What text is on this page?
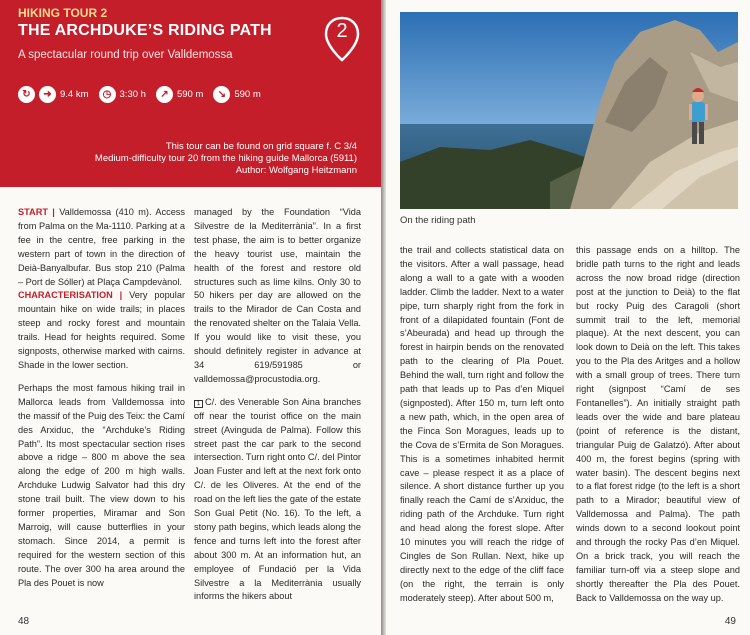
HIKING TOUR 2
THE ARCHDUKE’S RIDING PATH
A spectacular round trip over Valldemossa
2
↻	➜ 9.4 km	◷ 3:30 h	↗ 590 m	↘ 590 m
This tour can be found on grid square f. C 3/4
Medium-difficulty tour 20 from the hiking guide Mallorca (5911)
Author: Wolfgang Heitzmann

START | Valldemossa (410 m). Access from Palma on the Ma-1110. Parking at a fee in the centre, free parking in the western part of town in the direction of Deià-Banyalbufar. Bus stop 210 (Palma – Port de Sóller) at Plaça Campdevànol.
CHARACTERISATION | Very popular mountain hike on wide trails; in places steep and rocky forest and mountain trails. Head for heights required. Some signposts, otherwise marked with cairns. Shade in the lower section.

Perhaps the most famous hiking trail in Mallorca leads from Valldemossa into the massif of the Puig des Teix: the Camí des Arxiduc, the “Archduke’s Riding Path”. Its most spectacular section rises above a ridge – 800 m above the sea along the edge of 200 m high walls. Archduke Ludwig Salvator had this dry stone trail built. The view down to his former properties, Miramar and Son Marroig, will cause butterflies in your stomach. Since 2014, a permit is required for the western section of this route. The over 300 ha area around the Pla des Pouet is now

managed by the Foundation “Vida Silvestre de la Mediterrània”. In a first test phase, the aim is to better organize the heavy tourist use, maintain the health of the forest and restore old structures such as lime kilns. Only 30 to 50 hikers per day are allowed on the trails to the Mirador de Can Costa and the renovated shelter on the Talaia Vella. If you would like to visit these, you should definitely register in advance at 34 619/591985 or valldemossa@procustodia.org.

1 C/. des Venerable Son Aina branches off near the tourist office on the main street (Avinguda de Palma). Follow this street past the car park to the second intersection. Turn right onto C/. del Pintor Joan Fuster and left at the next fork onto C/. de les Oliveres. At the end of the road on the left lies the gate of the estate Son Gual Petit (No. 16). To the left, a stony path begins, which leads along the fence and turns left into the forest after about 300 m. At an information hut, an employee of Fundació per la Vida Silvestre a la Mediterrània usually informs the hikers about

48
On the riding path

the trail and collects statistical data on the visitors. After a wall passage, head along a wall to a gate with a wooden ladder. Climb the ladder. Next to a water pipe, turn sharply right from the fork in front of a dilapidated fountain (Font de s’Abeurada) and head up through the forest in hairpin bends on the renovated path to the clearing of Pla Pouet. Behind the wall, turn right and follow the path that leads up to Pas d’en Miquel (signposted). After 150 m, turn left onto a new path, which, in the open area of the Finca Son Moragues, leads up to the Cova de s’Ermita de Son Moragues. This is a sometimes inhabited hermit cave – please respect it as a place of silence. A short distance further up you finally reach the Camí de s’Arxiduc, the riding path of the Archduke. Turn right and head along the forest slope. After 10 minutes you will reach the ridge of Cingles de Son Rullan. Next, hike up directly next to the edge of the cliff face (on the right, the terrain is only moderately steep). After about 500 m,

this passage ends on a hilltop. The bridle path turns to the right and leads across the now broad ridge (direction post at the junction to Deià) to the flat but rocky Puig des Caragoli (short summit trail to the left, memorial plaque). At the next descent, you can look down to Deià on the left. This takes you to the Pla des Aritges and a hollow with a small group of trees. There turn right (signpost “Camí de ses Fontanelles”). An initially straight path leads over the wide and bare plateau (point of reference is the distant, triangular Puig de Galatzó). After about 400 m, the forest begins (spring with water basin). The descent begins next to a flat forest ridge (to the left is a short path to a Mirador; beautiful view of Valldemossa and Palma). The path winds down to a second lookout point and through the rocky Pas d’en Miquel. On a brick track, you will reach the familiar turn-off via a steep slope and shortly thereafter the Pla des Pouet. Back to Valldemossa on the way up.

49
